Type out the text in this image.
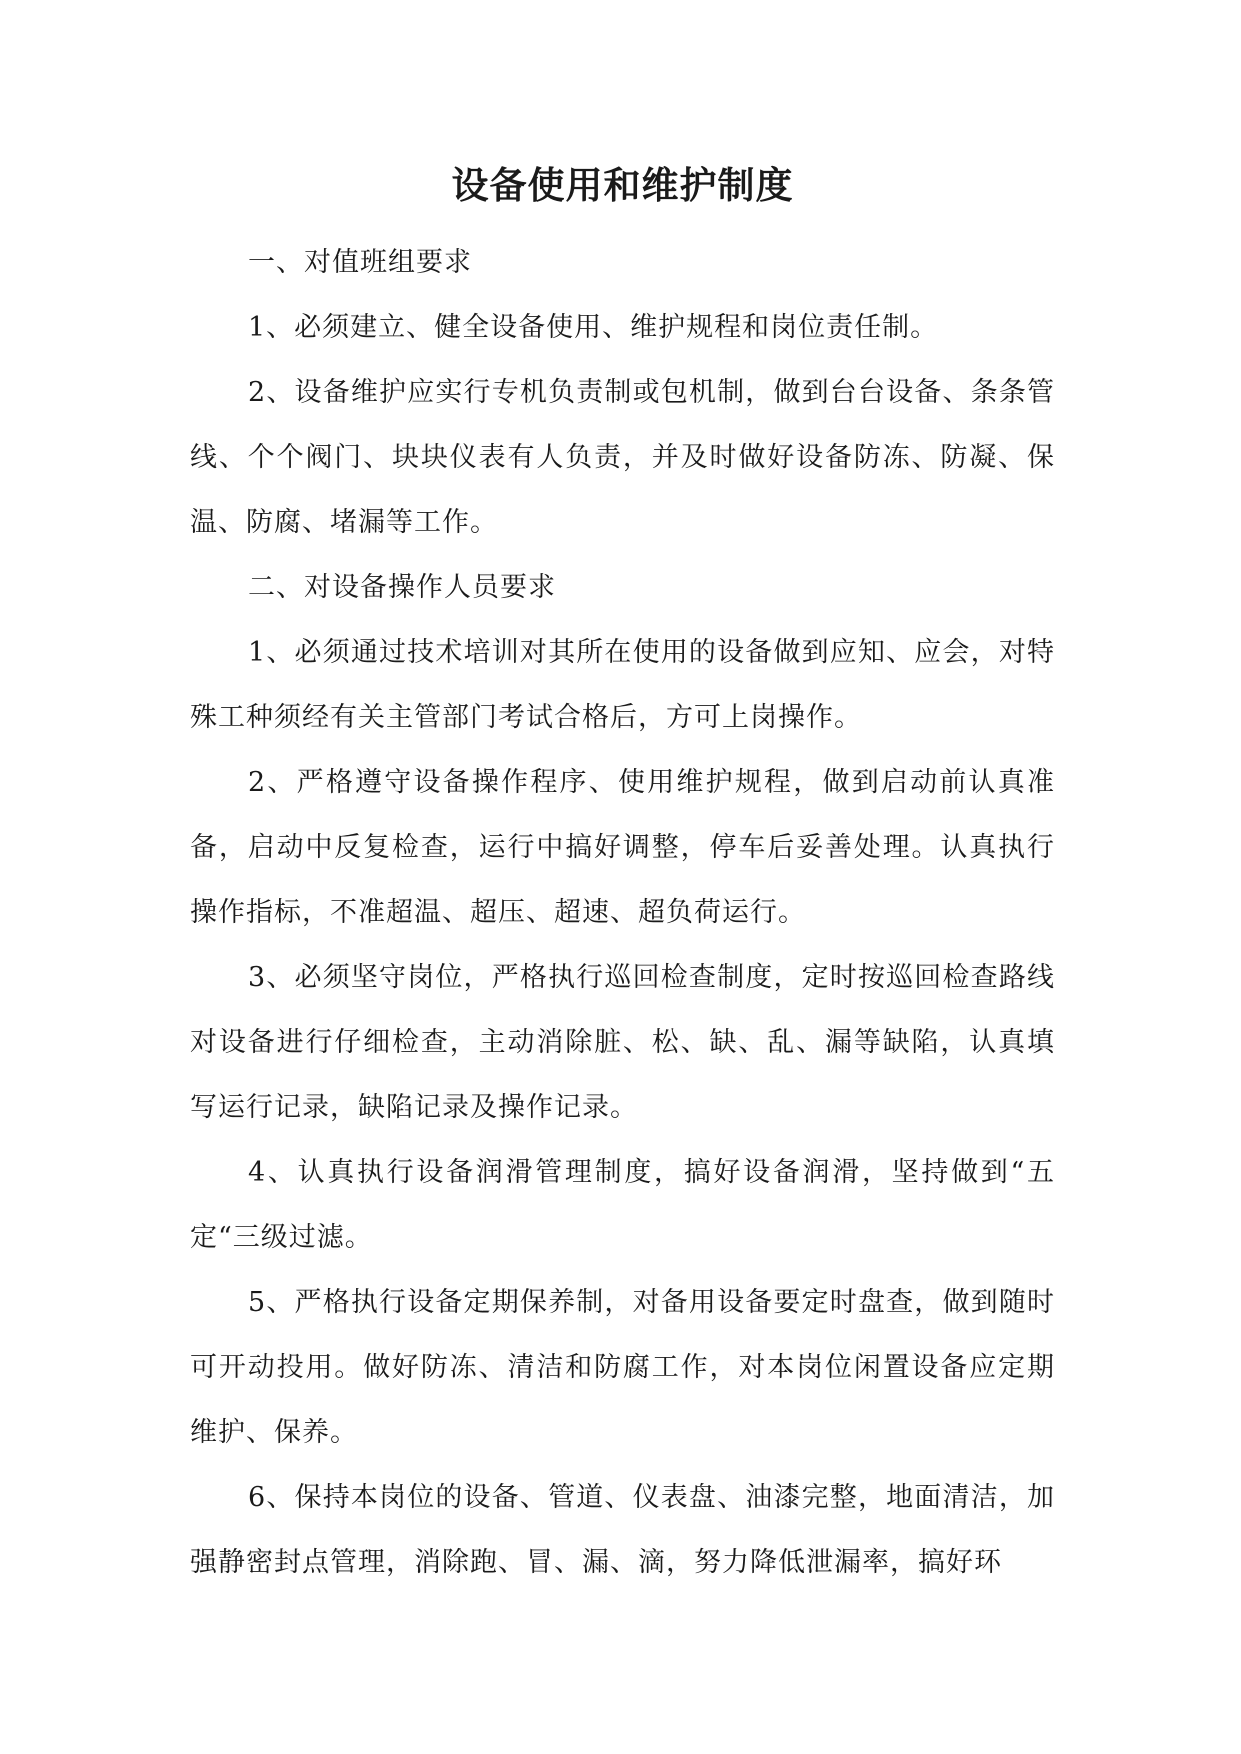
设备使用和维护制度

一、对值班组要求

1、必须建立、健全设备使用、维护规程和岗位责任制。

2、设备维护应实行专机负责制或包机制，做到台台设备、条条管线、个个阀门、块块仪表有人负责，并及时做好设备防冻、防凝、保温、防腐、堵漏等工作。

二、对设备操作人员要求

1、必须通过技术培训对其所在使用的设备做到应知、应会，对特殊工种须经有关主管部门考试合格后，方可上岗操作。

2、严格遵守设备操作程序、使用维护规程，做到启动前认真准备，启动中反复检查，运行中搞好调整，停车后妥善处理。认真执行操作指标，不准超温、超压、超速、超负荷运行。

3、必须坚守岗位，严格执行巡回检查制度，定时按巡回检查路线对设备进行仔细检查，主动消除脏、松、缺、乱、漏等缺陷，认真填写运行记录，缺陷记录及操作记录。

4、认真执行设备润滑管理制度，搞好设备润滑，坚持做到“五定“三级过滤。

5、严格执行设备定期保养制，对备用设备要定时盘查，做到随时可开动投用。做好防冻、清洁和防腐工作，对本岗位闲置设备应定期维护、保养。

6、保持本岗位的设备、管道、仪表盘、油漆完整，地面清洁，加强静密封点管理，消除跑、冒、漏、滴，努力降低泄漏率，搞好环
